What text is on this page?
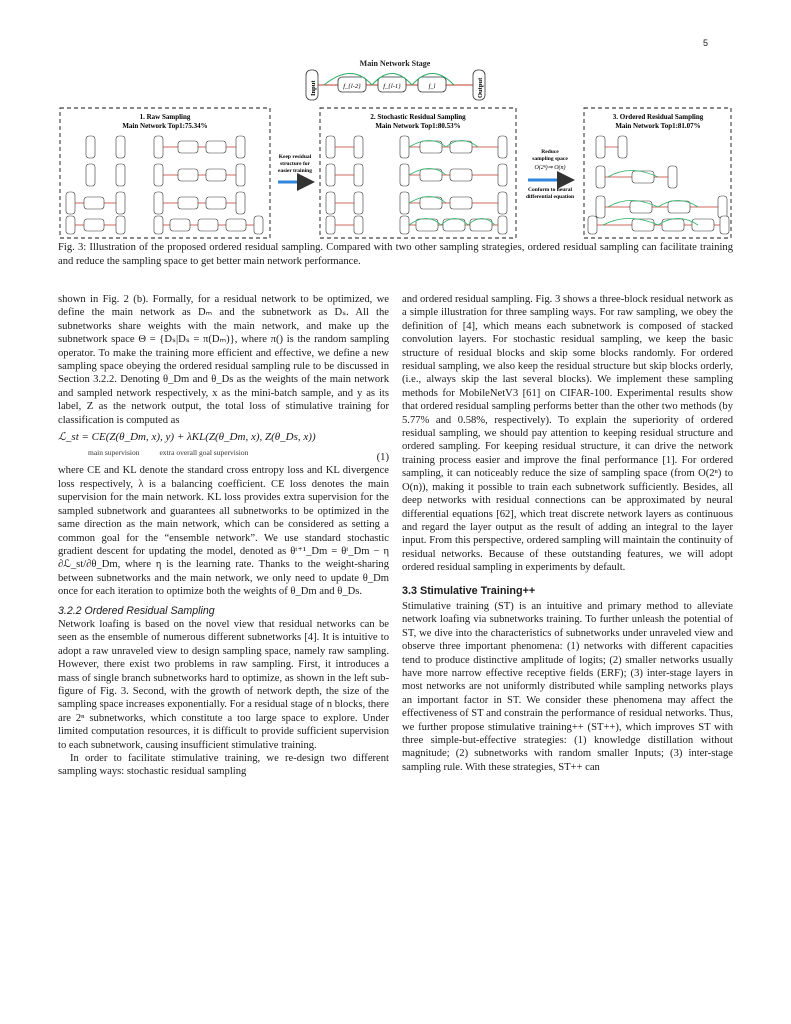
5
Main Network Stage
Input	Output
f_{l-2}	f_{l-1}	f_l
1. Raw Sampling
Main Network Top1:75.34%
2. Stochastic Residual Sampling
Main Network Top1:80.53%
3. Ordered Residual Sampling
Main Network Top1:81.07%
Keep residual
structure for
easier training
Reduce
sampling space
O(2ⁿ)⇒ O(n)
Conform to neural
differential equation
Fig. 3: Illustration of the proposed ordered residual sampling. Compared with two other sampling strategies, ordered residual sampling can facilitate training and reduce the sampling space to get better main network performance.

shown in Fig. 2 (b). Formally, for a residual network to be optimized, we define the main network as Dₘ and the subnetwork as Dₛ. All the subnetworks share weights with the main network, and make up the subnetwork space Θ = {Dₛ|Dₛ = π(Dₘ)}, where π() is the random sampling operator. To make the training more efficient and effective, we define a new sampling space obeying the ordered residual sampling rule to be discussed in Section 3.2.2. Denoting θ_Dm and θ_Ds as the weights of the main network and sampled network respectively, x as the mini-batch sample, and y as its label, Z as the network output, the total loss of stimulative training for classification is computed as

ℒ_st = CE(Z(θ_Dm, x), y) + λKL(Z(θ_Dm, x), Z(θ_Ds, x))
main supervision	extra overall goal supervision	(1)

where CE and KL denote the standard cross entropy loss and KL divergence loss respectively, λ is a balancing coefficient. CE loss denotes the main supervision for the main network. KL loss provides extra supervision for the sampled subnetwork and guarantees all subnetworks to be optimized in the same direction as the main network, which can be considered as setting a common goal for the “ensemble network”. We use standard stochastic gradient descent for updating the model, denoted as θᵗ⁺¹_Dm = θᵗ_Dm − η ∂ℒ_st/∂θ_Dm, where η is the learning rate. Thanks to the weight-sharing between subnetworks and the main network, we only need to update θ_Dm once for each iteration to optimize both the weights of θ_Dm and θ_Ds.

3.2.2 Ordered Residual Sampling

Network loafing is based on the novel view that residual networks can be seen as the ensemble of numerous different subnetworks [4]. It is intuitive to adopt a raw unraveled view to design sampling space, namely raw sampling. However, there exist two problems in raw sampling. First, it introduces a mass of single branch subnetworks hard to optimize, as shown in the left sub-figure of Fig. 3. Second, with the growth of network depth, the size of the sampling space increases exponentially. For a residual stage of n blocks, there are 2ⁿ subnetworks, which constitute a too large space to explore. Under limited computation resources, it is difficult to provide sufficient supervision to each subnetwork, causing insufficient stimulative training.

In order to facilitate stimulative training, we re-design two different sampling ways: stochastic residual sampling

and ordered residual sampling. Fig. 3 shows a three-block residual network as a simple illustration for three sampling ways. For raw sampling, we obey the definition of [4], which means each subnetwork is composed of stacked convolution layers. For stochastic residual sampling, we keep the basic structure of residual blocks and skip some blocks randomly. For ordered residual sampling, we also keep the residual structure but skip blocks orderly, (i.e., always skip the last several blocks). We implement these sampling methods for MobileNetV3 [61] on CIFAR-100. Experimental results show that ordered residual sampling performs better than the other two methods (by 5.77% and 0.58%, respectively). To explain the superiority of ordered residual sampling, we should pay attention to keeping residual structure and ordered sampling. For keeping residual structure, it can drive the network training process easier and improve the final performance [1]. For ordered sampling, it can noticeably reduce the size of sampling space (from O(2ⁿ) to O(n)), making it possible to train each subnetwork sufficiently. Besides, all deep networks with residual connections can be approximated by neural differential equations [62], which treat discrete network layers as continuous and regard the layer output as the result of adding an integral to the layer input. From this perspective, ordered sampling will maintain the continuity of residual networks. Because of these outstanding features, we will adopt ordered residual sampling in experiments by default.

3.3 Stimulative Training++

Stimulative training (ST) is an intuitive and primary method to alleviate network loafing via subnetworks training. To further unleash the potential of ST, we dive into the characteristics of subnetworks under unraveled view and observe three important phenomena: (1) networks with different capacities tend to produce distinctive amplitude of logits; (2) smaller networks usually have more narrow effective receptive fields (ERF); (3) inter-stage layers in most networks are not uniformly distributed while sampling networks plays an important factor in ST. We consider these phenomena may affect the effectiveness of ST and constrain the performance of residual networks. Thus, we further propose stimulative training++ (ST++), which improves ST with three simple-but-effective strategies: (1) knowledge distillation without magnitude; (2) subnetworks with random smaller Inputs; (3) inter-stage sampling rule. With these strategies, ST++ can
